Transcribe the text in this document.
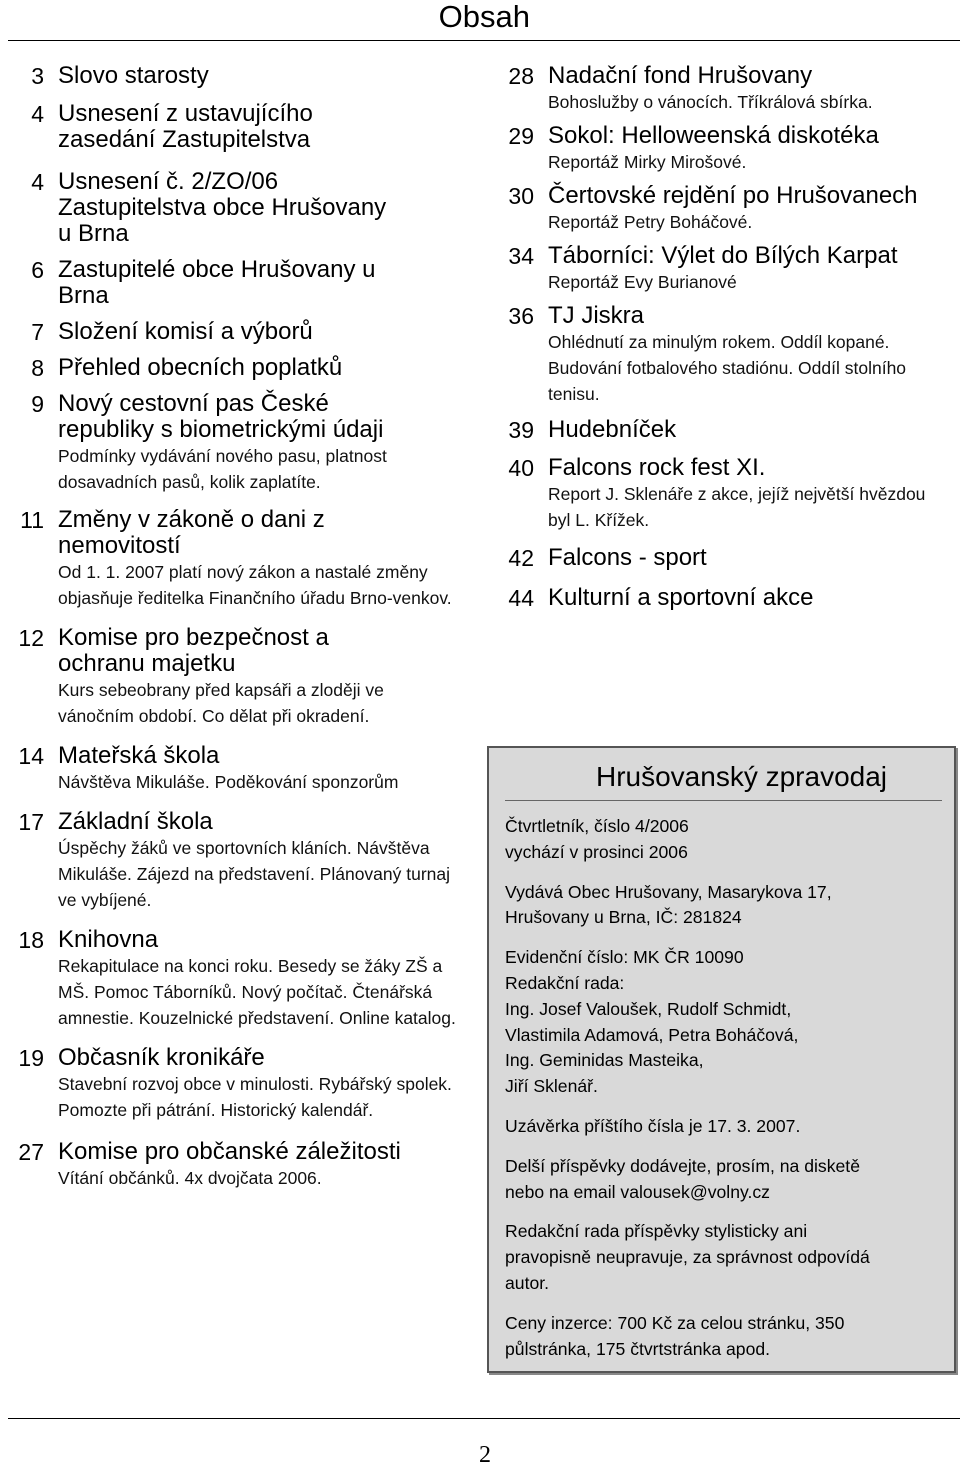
Obsah
3 Slovo starosty
4 Usnesení z ustavujícího zasedání Zastupitelstva
4 Usnesení č. 2/ZO/06 Zastupitelstva obce Hrušovany u Brna
6 Zastupitelé obce Hrušovany u Brna
7 Složení komisí a výborů
8 Přehled obecních poplatků
9 Nový cestovní pas České republiky s biometrickými údaji
Podmínky vydávání nového pasu, platnost dosavadních pasů, kolik zaplatíte.
11 Změny v zákoně o dani z nemovitostí
Od 1. 1. 2007 platí nový zákon a nastalé změny objasňuje ředitelka Finančního úřadu Brno-venkov.
12 Komise pro bezpečnost a ochranu majetku
Kurs sebeobrany před kapsáři a zloději ve vánočním období. Co dělat při okradení.
14 Mateřská škola
Návštěva Mikuláše. Poděkování sponzorům
17 Základní škola
Úspěchy žáků ve sportovních kláních. Návštěva Mikuláše. Zájezd na představení. Plánovaný turnaj ve vybíjené.
18 Knihovna
Rekapitulace na konci roku. Besedy se žáky ZŠ a MŠ. Pomoc Táborníků. Nový počítač. Čtenářská amnestie. Kouzelnické představení. Online katalog.
19 Občasník kronikáře
Stavební rozvoj obce v minulosti. Rybářský spolek. Pomozte při pátrání. Historický kalendář.
27 Komise pro občanské záležitosti
Vítání občánků. 4x dvojčata 2006.
28 Nadační fond Hrušovany
Bohoslužby o vánocích. Tříkrálová sbírka.
29 Sokol: Helloweenská diskotéka
Reportáž Mirky Mirošové.
30 Čertovské rejdění po Hrušovanech
Reportáž Petry Boháčové.
34 Táborníci: Výlet do Bílých Karpat
Reportáž Evy Burianové
36 TJ Jiskra
Ohlédnutí za minulým rokem. Oddíl kopané. Budování fotbalového stadiónu. Oddíl stolního tenisu.
39 Hudebníček
40 Falcons rock fest XI.
Report J. Sklenáře z akce, jejíž největší hvězdou byl L. Křížek.
42 Falcons - sport
44 Kulturní a sportovní akce
Hrušovanský zpravodaj
Čtvrtletník, číslo 4/2006
vychází v prosinci 2006
Vydává Obec Hrušovany, Masarykova 17,
Hrušovany u Brna, IČ: 281824
Evidenční číslo: MK ČR 10090
Redakční rada:
Ing. Josef Valoušek, Rudolf Schmidt,
Vlastimila Adamová, Petra Boháčová,
Ing. Geminidas Masteika,
Jiří Sklenář.
Uzávěrka příštího čísla je 17. 3. 2007.
Delší příspěvky dodávejte, prosím, na disketě
nebo na email valousek@volny.cz
Redakční rada příspěvky stylisticky ani
pravopisně neupravuje, za správnost odpovídá
autor.
Ceny inzerce: 700 Kč za celou stránku, 350
půlstránka, 175 čtvrtstránka apod.
2
